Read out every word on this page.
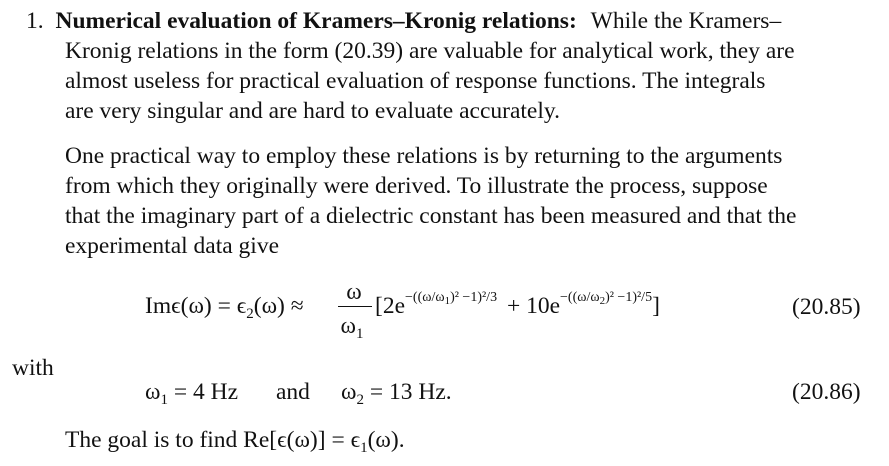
1. Numerical evaluation of Kramers–Kronig relations: While the Kramers–
Kronig relations in the form (20.39) are valuable for analytical work, they are
almost useless for practical evaluation of response functions. The integrals
are very singular and are hard to evaluate accurately.
One practical way to employ these relations is by returning to the arguments
from which they originally were derived. To illustrate the process, suppose
that the imaginary part of a dielectric constant has been measured and that the
experimental data give
$Im\epsilon(\omega) = \epsilon_2(\omega)$ ≈
ω
$\omega_1$
$[2e^{-((\omega/\omega_1)^2 -1)^2/3} + 10e^{-((\omega/\omega_2)^2 -1)^2/5}]$	(20.85)
with
$\omega_1 = 4$ Hz and $\omega_2 = 13$ Hz.	(20.86)
The goal is to find $Re[\epsilon(\omega)] = \epsilon_1(\omega)$.
